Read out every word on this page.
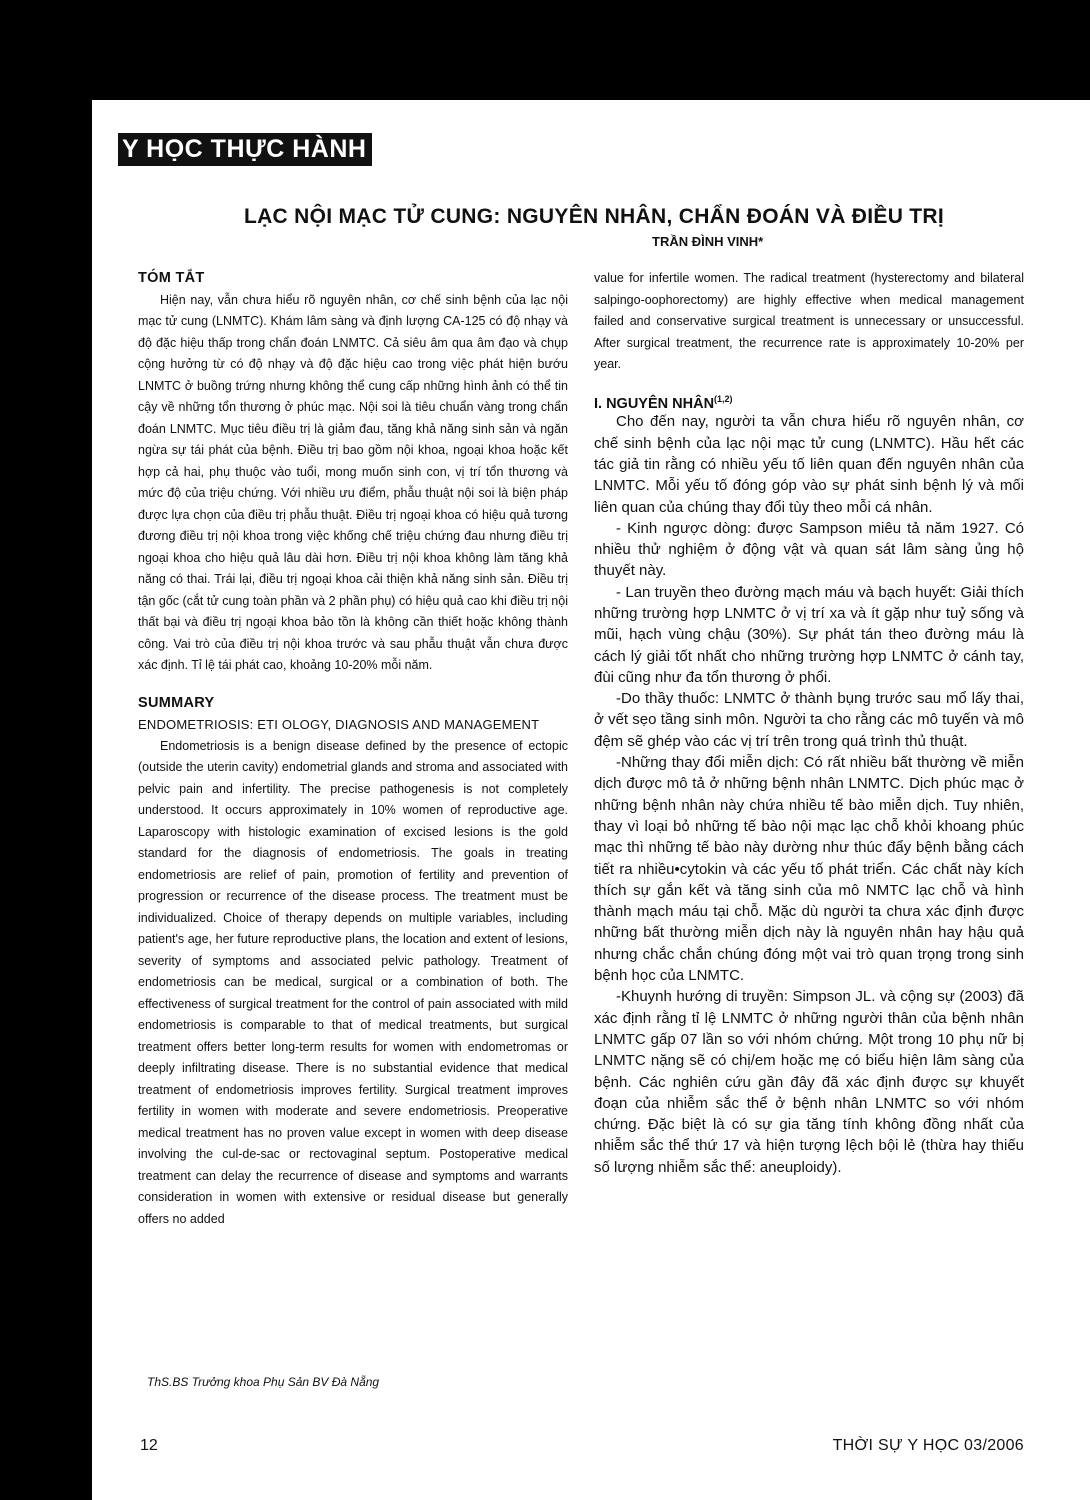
Y HỌC THỰC HÀNH
LẠC NỘI MẠC TỬ CUNG: NGUYÊN NHÂN, CHẨN ĐOÁN VÀ ĐIỀU TRỊ
TRẦN ĐÌNH VINH*

TÓM TẮT

Hiện nay, vẫn chưa hiểu rõ nguyên nhân, cơ chế sinh bệnh của lạc nội mạc tử cung (LNMTC). Khám lâm sàng và định lượng CA-125 có độ nhạy và độ đặc hiệu thấp trong chẩn đoán LNMTC. Cả siêu âm qua âm đạo và chụp cộng hưởng từ có độ nhạy và độ đặc hiệu cao trong việc phát hiện bướu LNMTC ở buồng trứng nhưng không thể cung cấp những hình ảnh có thể tin cậy về những tổn thương ở phúc mạc. Nội soi là tiêu chuẩn vàng trong chẩn đoán LNMTC. Mục tiêu điều trị là giảm đau, tăng khả năng sinh sản và ngăn ngừa sự tái phát của bệnh. Điều trị bao gồm nội khoa, ngoại khoa hoặc kết hợp cả hai, phụ thuộc vào tuổi, mong muốn sinh con, vị trí tổn thương và mức độ của triệu chứng. Với nhiều ưu điểm, phẫu thuật nội soi là biện pháp được lựa chọn của điều trị phẫu thuật. Điều trị ngoại khoa có hiệu quả tương đương điều trị nội khoa trong việc khống chế triệu chứng đau nhưng điều trị ngoại khoa cho hiệu quả lâu dài hơn. Điều trị nội khoa không làm tăng khả năng có thai. Trái lại, điều trị ngoại khoa cải thiện khả năng sinh sản. Điều trị tận gốc (cắt tử cung toàn phần và 2 phần phụ) có hiệu quả cao khi điều trị nội thất bại và điều trị ngoại khoa bảo tồn là không cần thiết hoặc không thành công. Vai trò của điều trị nội khoa trước và sau phẫu thuật vẫn chưa được xác định. Tỉ lệ tái phát cao, khoảng 10-20% mỗi năm.

SUMMARY

ENDOMETRIOSIS: ETI OLOGY, DIAGNOSIS AND MANAGEMENT

Endometriosis is a benign disease defined by the presence of ectopic (outside the uterin cavity) endometrial glands and stroma and associated with pelvic pain and infertility. The precise pathogenesis is not completely understood. It occurs approximately in 10% women of reproductive age. Laparoscopy with histologic examination of excised lesions is the gold standard for the diagnosis of endometriosis. The goals in treating endometriosis are relief of pain, promotion of fertility and prevention of progression or recurrence of the disease process. The treatment must be individualized. Choice of therapy depends on multiple variables, including patient's age, her future reproductive plans, the location and extent of lesions, severity of symptoms and associated pelvic pathology. Treatment of endometriosis can be medical, surgical or a combination of both. The effectiveness of surgical treatment for the control of pain associated with mild endometriosis is comparable to that of medical treatments, but surgical treatment offers better long-term results for women with endometromas or deeply infiltrating disease. There is no substantial evidence that medical treatment of endometriosis improves fertility. Surgical treatment improves fertility in women with moderate and severe endometriosis. Preoperative medical treatment has no proven value except in women with deep disease involving the cul-de-sac or rectovaginal septum. Postoperative medical treatment can delay the recurrence of disease and symptoms and warrants consideration in women with extensive or residual disease but generally offers no added

value for infertile women. The radical treatment (hysterectomy and bilateral salpingo-oophorectomy) are highly effective when medical management failed and conservative surgical treatment is unnecessary or unsuccessful. After surgical treatment, the recurrence rate is approximately 10-20% per year.

I. NGUYÊN NHÂN$^{(1,2)}$

Cho đến nay, người ta vẫn chưa hiểu rõ nguyên nhân, cơ chế sinh bệnh của lạc nội mạc tử cung (LNMTC). Hầu hết các tác giả tin rằng có nhiều yếu tố liên quan đến nguyên nhân của LNMTC. Mỗi yếu tố đóng góp vào sự phát sinh bệnh lý và mối liên quan của chúng thay đổi tùy theo mỗi cá nhân.

- Kinh ngược dòng: được Sampson miêu tả năm 1927. Có nhiều thử nghiệm ở động vật và quan sát lâm sàng ủng hộ thuyết này.

- Lan truyền theo đường mạch máu và bạch huyết: Giải thích những trường hợp LNMTC ở vị trí xa và ít gặp như tuỷ sống và mũi, hạch vùng chậu (30%). Sự phát tán theo đường máu là cách lý giải tốt nhất cho những trường hợp LNMTC ở cánh tay, đùi cũng như đa tổn thương ở phổi.

-Do thầy thuốc: LNMTC ở thành bụng trước sau mổ lấy thai, ở vết sẹo tầng sinh môn. Người ta cho rằng các mô tuyến và mô đệm sẽ ghép vào các vị trí trên trong quá trình thủ thuật.

-Những thay đổi miễn dịch: Có rất nhiều bất thường về miễn dịch được mô tả ở những bệnh nhân LNMTC. Dịch phúc mạc ở những bệnh nhân này chứa nhiều tế bào miễn dịch. Tuy nhiên, thay vì loại bỏ những tế bào nội mạc lạc chỗ khỏi khoang phúc mạc thì những tế bào này dường như thúc đẩy bệnh bằng cách tiết ra nhiều•cytokin và các yếu tố phát triển. Các chất này kích thích sự gắn kết và tăng sinh của mô NMTC lạc chỗ và hình thành mạch máu tại chỗ. Mặc dù người ta chưa xác định được những bất thường miễn dịch này là nguyên nhân hay hậu quả nhưng chắc chắn chúng đóng một vai trò quan trọng trong sinh bệnh học của LNMTC.

-Khuynh hướng di truyền: Simpson JL. và cộng sự (2003) đã xác định rằng tỉ lệ LNMTC ở những người thân của bệnh nhân LNMTC gấp 07 lần so với nhóm chứng. Một trong 10 phụ nữ bị LNMTC nặng sẽ có chị/em hoặc mẹ có biểu hiện lâm sàng của bệnh. Các nghiên cứu gần đây đã xác định được sự khuyết đoạn của nhiễm sắc thể ở bệnh nhân LNMTC so với nhóm chứng. Đặc biệt là có sự gia tăng tính không đồng nhất của nhiễm sắc thể thứ 17 và hiện tượng lệch bội lẻ (thừa hay thiếu số lượng nhiễm sắc thể: aneuploidy).

ThS.BS Trưởng khoa Phụ Sản BV Đà Nẵng
12	THỜI SỰ Y HỌC 03/2006
